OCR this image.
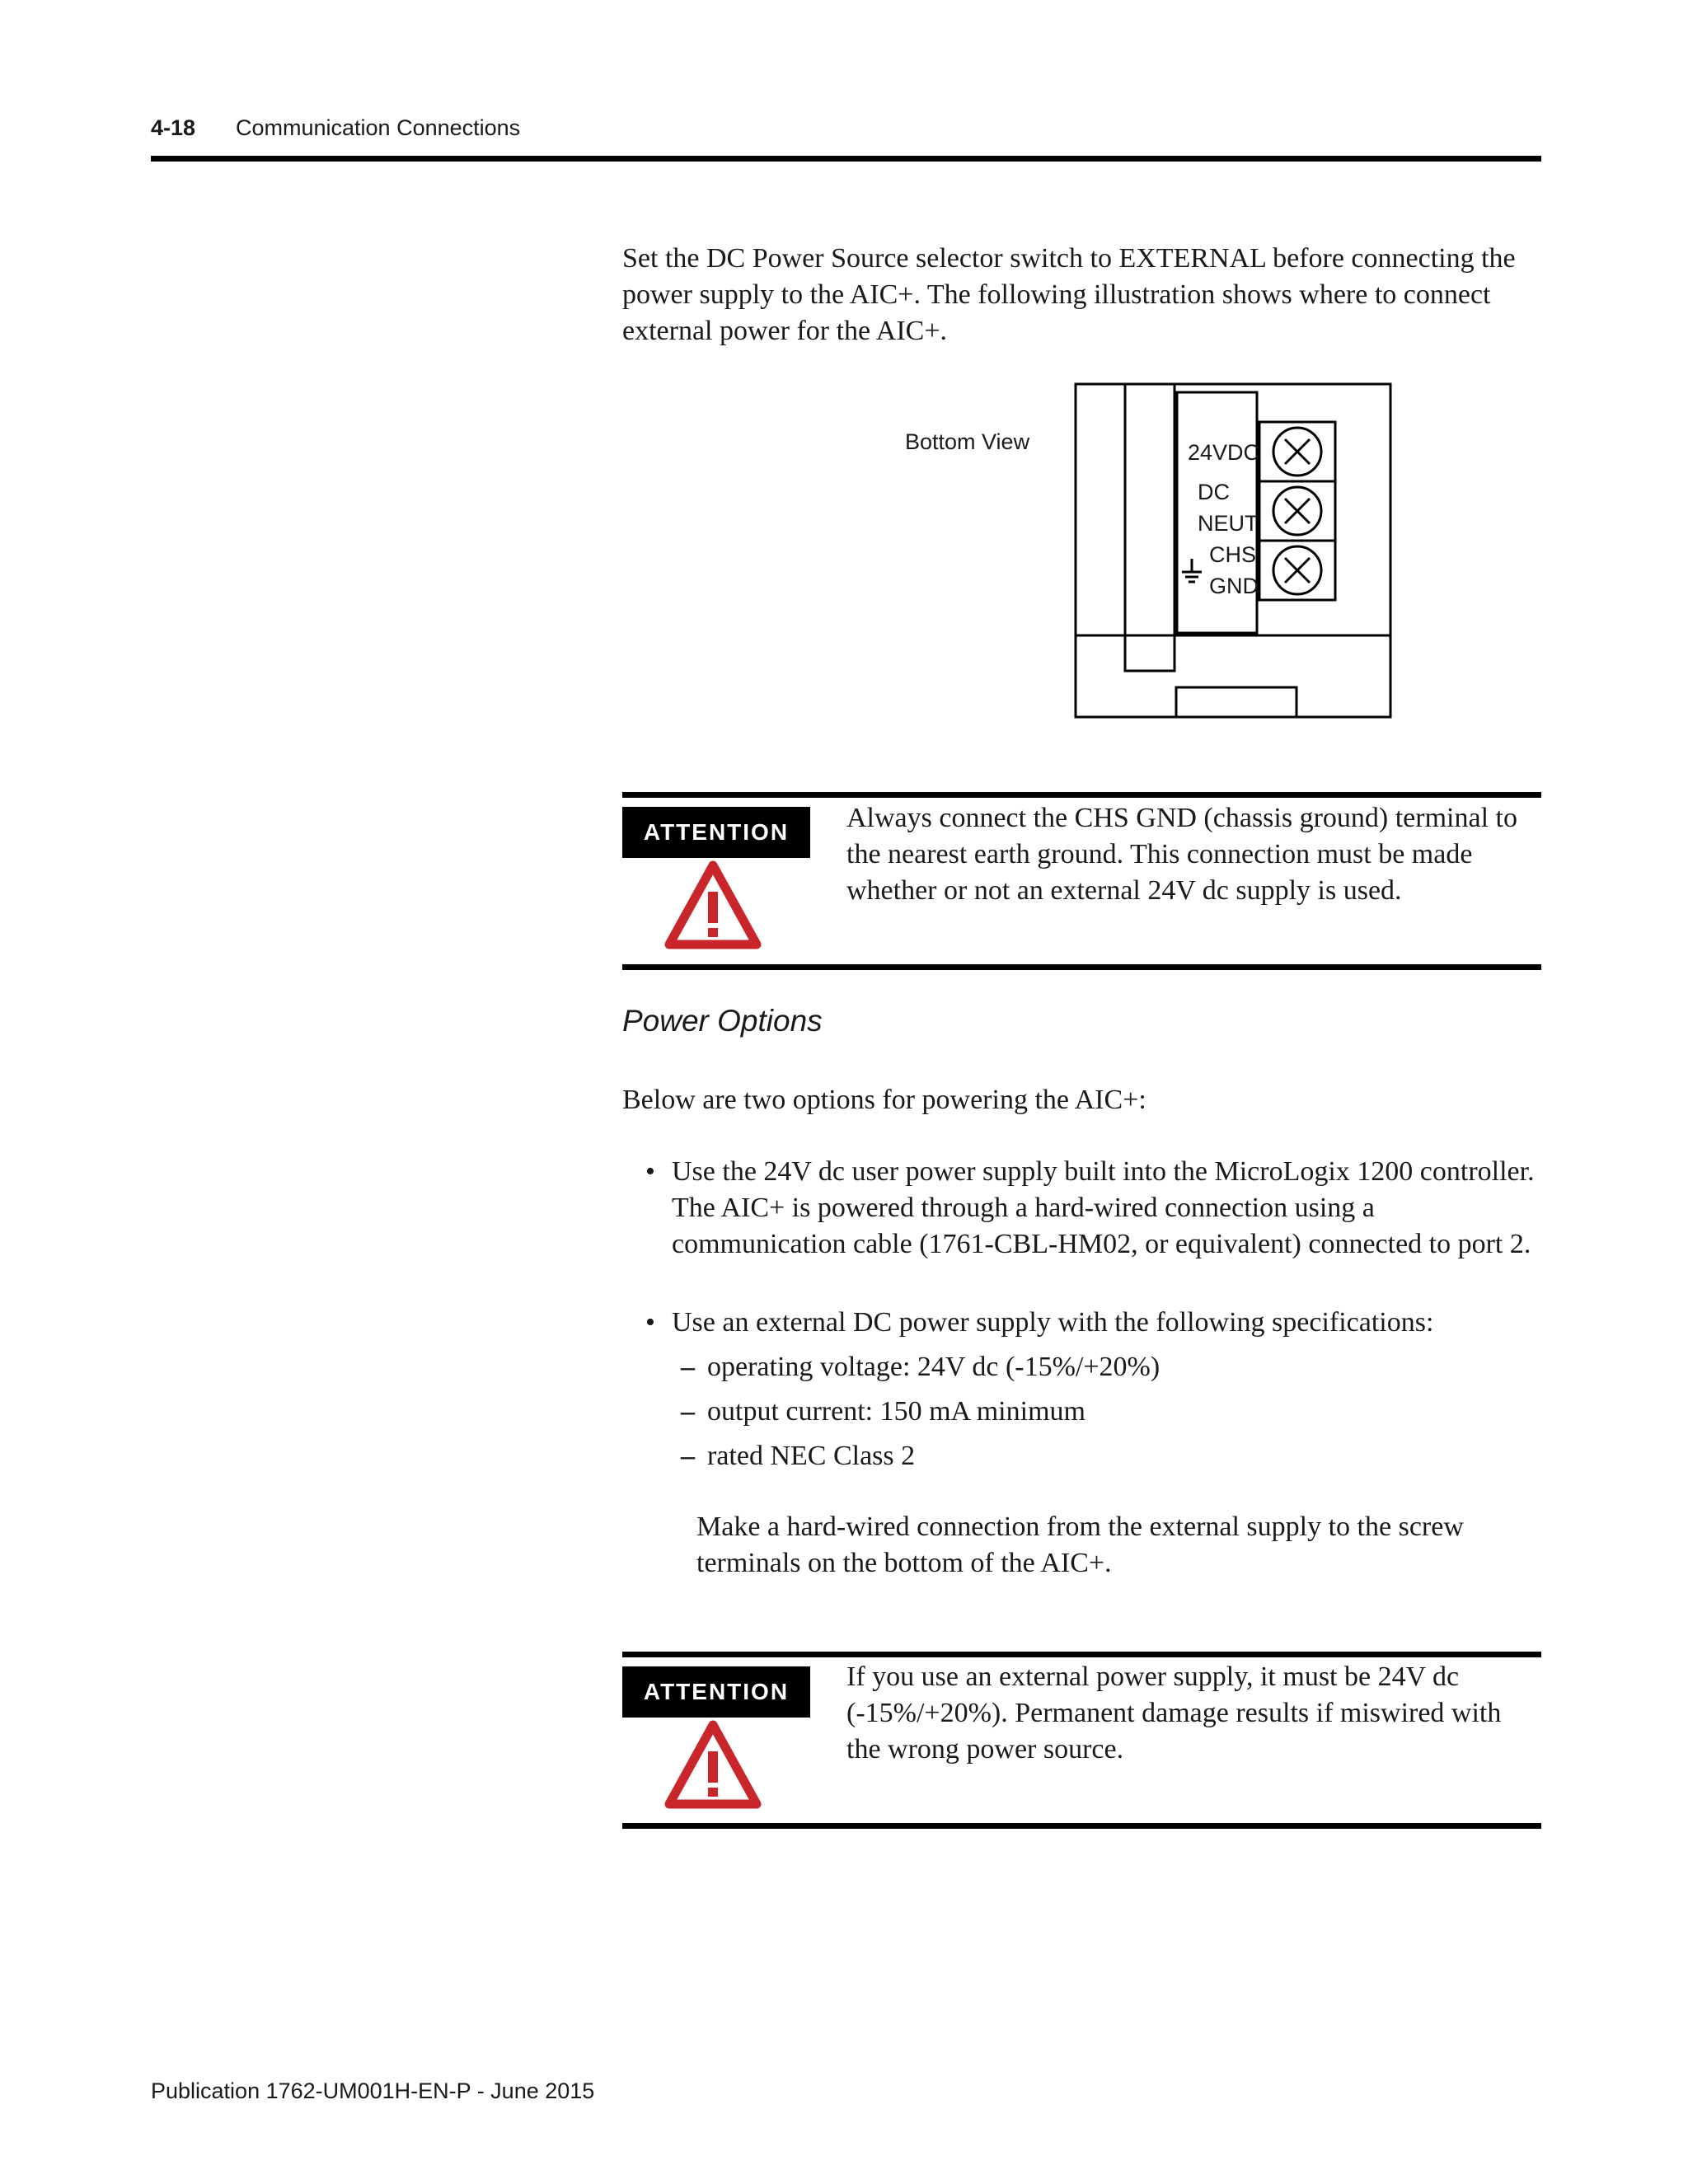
4-18 Communication Connections
Set the DC Power Source selector switch to EXTERNAL before connecting the power supply to the AIC+. The following illustration shows where to connect external power for the AIC+.
Bottom View	24VDC
DC
NEUT
CHS
GND
ATTENTION	Always connect the CHS GND (chassis ground) terminal to the nearest earth ground. This connection must be made whether or not an external 24V dc supply is used.
Power Options
Below are two options for powering the AIC+:
• Use the 24V dc user power supply built into the MicroLogix 1200 controller. The AIC+ is powered through a hard-wired connection using a communication cable (1761-CBL-HM02, or equivalent) connected to port 2.
• Use an external DC power supply with the following specifications:
– operating voltage: 24V dc (-15%/+20%)
– output current: 150 mA minimum
– rated NEC Class 2
Make a hard-wired connection from the external supply to the screw terminals on the bottom of the AIC+.
ATTENTION	If you use an external power supply, it must be 24V dc (-15%/+20%). Permanent damage results if miswired with the wrong power source.
Publication 1762-UM001H-EN-P - June 2015
